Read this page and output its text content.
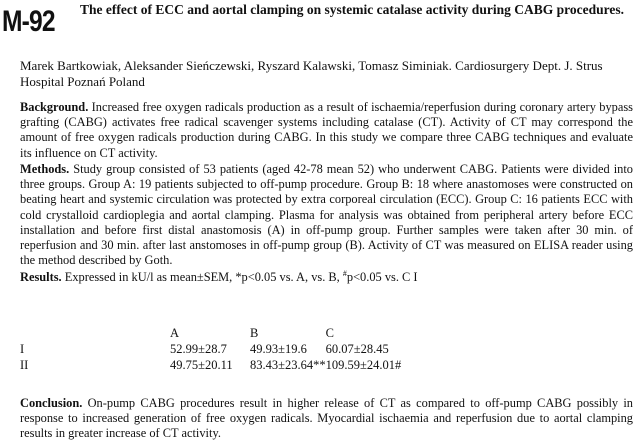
M-92 The effect of ECC and aortal clamping on systemic catalase activity during CABG procedures.
Marek Bartkowiak, Aleksander Sieńczewski, Ryszard Kalawski, Tomasz Siminiak. Cardiosurgery Dept. J. Strus Hospital Poznań Poland
Background. Increased free oxygen radicals production as a result of ischaemia/reperfusion during coronary artery bypass grafting (CABG) activates free radical scavenger systems including catalase (CT). Activity of CT may correspond the amount of free oxygen radicals production during CABG. In this study we compare three CABG techniques and evaluate its influence on CT activity.
Methods. Study group consisted of 53 patients (aged 42-78 mean 52) who underwent CABG. Patients were divided into three groups. Group A: 19 patients subjected to off-pump procedure. Group B: 18 where anastomoses were constructed on beating heart and systemic circulation was protected by extra corporeal circulation (ECC). Group C: 16 patients ECC with cold crystalloid cardioplegia and aortal clamping. Plasma for analysis was obtained from peripheral artery before ECC installation and before first distal anastomosis (A) in off-pump group. Further samples were taken after 30 min. of reperfusion and 30 min. after last anstomoses in off-pump group (B). Activity of CT was measured on ELISA reader using the method described by Goth.
Results. Expressed in kU/l as mean±SEM, *p<0.05 vs. A, vs. B, #p<0.05 vs. C I
	A	B	C
I	52.99±28.7	49.93±19.6	60.07±28.45
II	49.75±20.11	83.43±23.64**	109.59±24.01#
Conclusion. On-pump CABG procedures result in higher release of CT as compared to off-pump CABG possibly in response to increased generation of free oxygen radicals. Myocardial ischaemia and reperfusion due to aortal clamping results in greater increase of CT activity.
